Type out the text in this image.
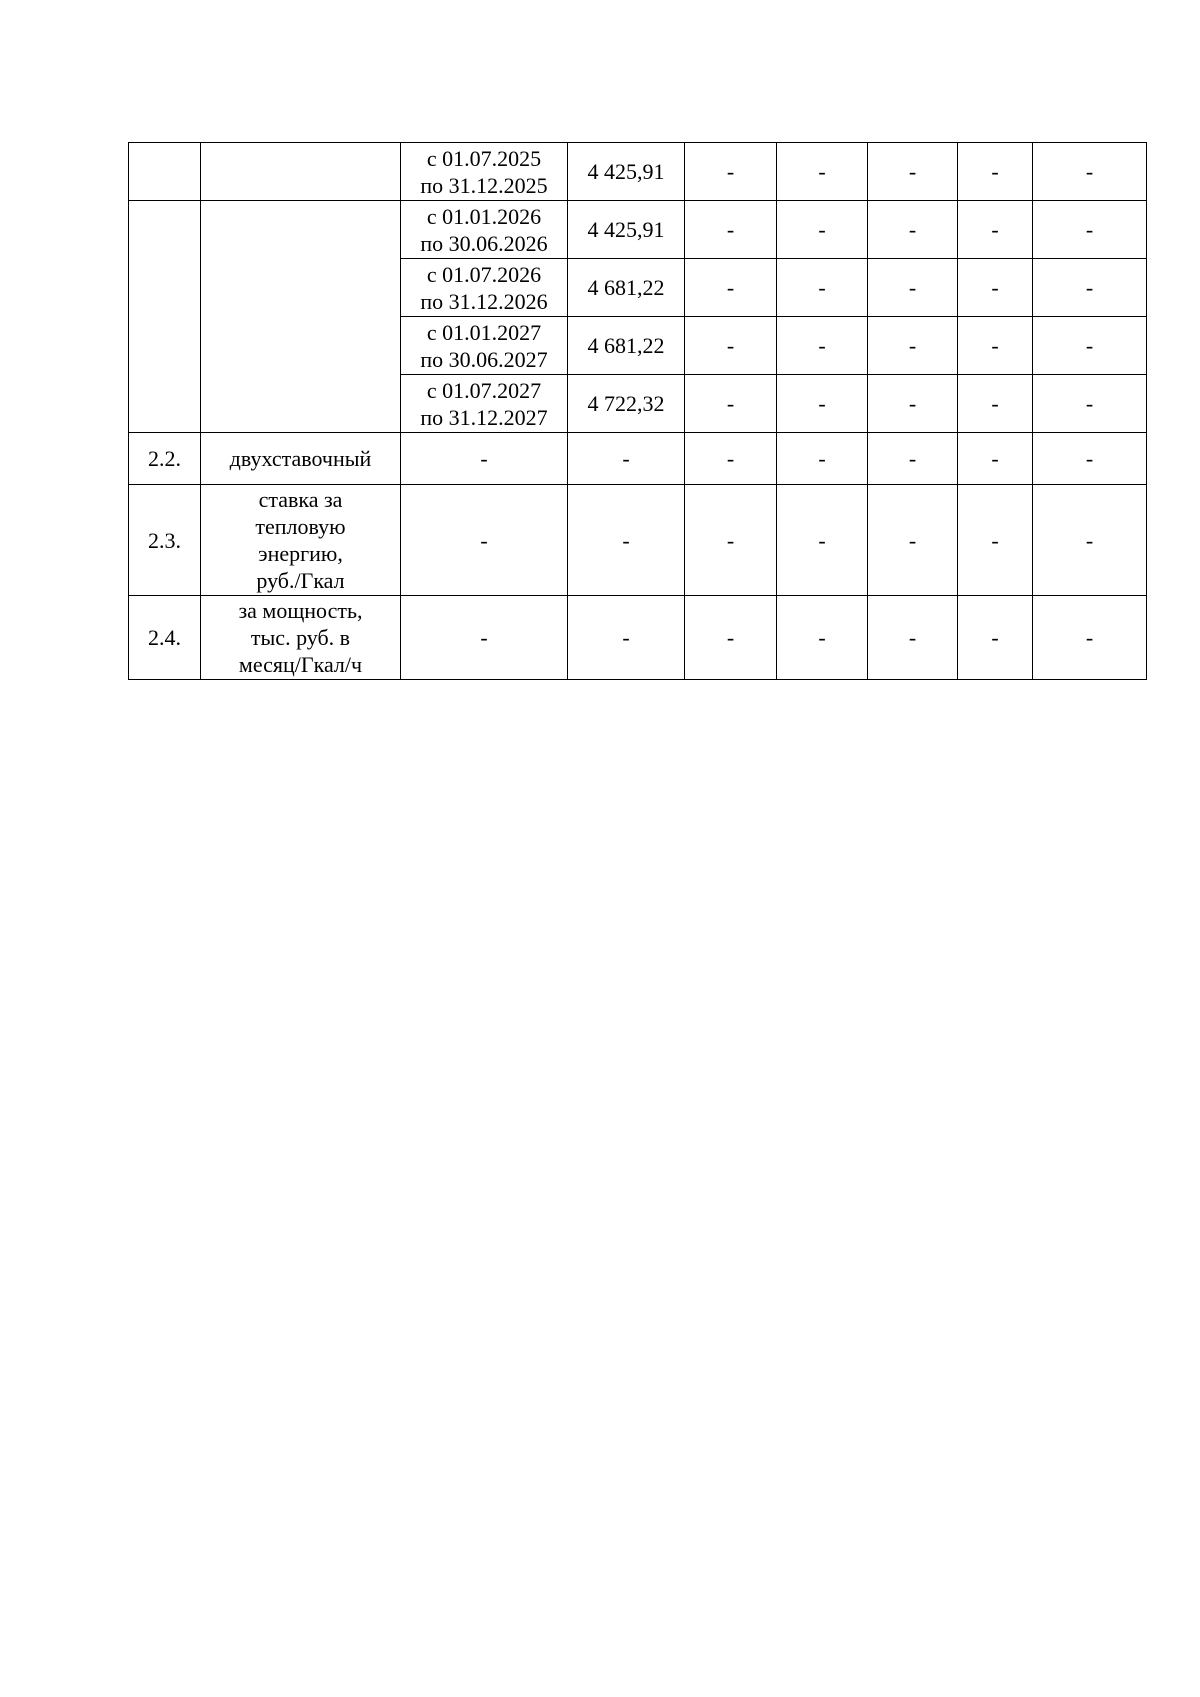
		с 01.07.2025
по 31.12.2025	4 425,91	-	-	-	-	-

		с 01.01.2026
по 30.06.2026	4 425,91	-	-	-	-	-

		с 01.07.2026
по 31.12.2026	4 681,22	-	-	-	-	-

		с 01.01.2027
по 30.06.2027	4 681,22	-	-	-	-	-

		с 01.07.2027
по 31.12.2027	4 722,32	-	-	-	-	-
2.2.	двухставочный	-	-	-	-	-	-	-
2.3.	ставка за
тепловую
энергию,
руб./Гкал	-	-	-	-	-	-	-
2.4.	за мощность,
тыс. руб. в
месяц/Гкал/ч	-	-	-	-	-	-	-
